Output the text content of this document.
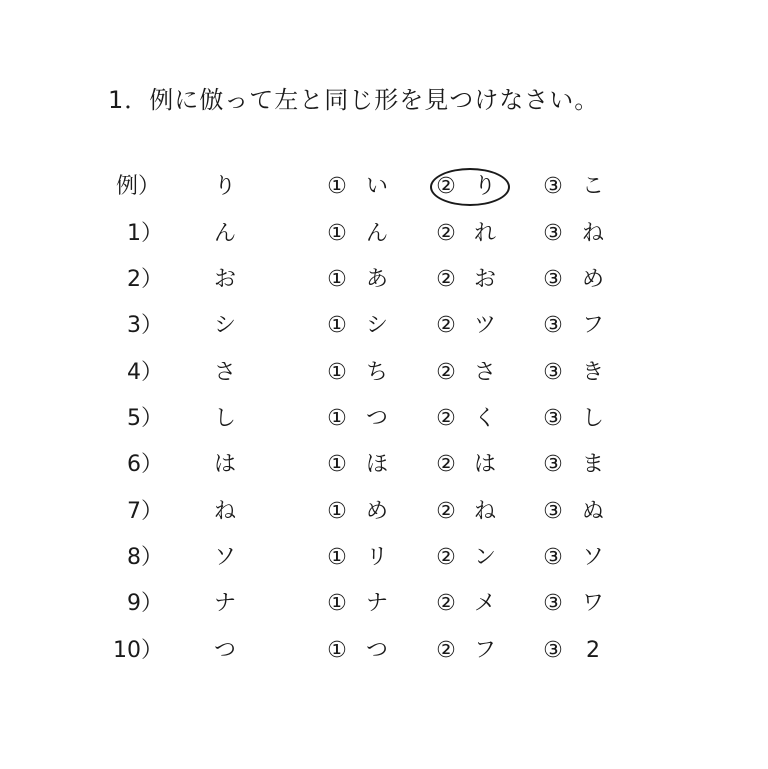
1．例に倣って左と同じ形を見つけなさい。
例） り	① い ② り ③ こ
1） ん	① ん ② れ ③ ね
2） お	① あ ② お ③ め
3） シ	① シ ② ツ ③ フ
4） さ	① ち ② さ ③ き
5） し	① つ ② く ③ し
6） は	① ほ ② は ③ ま
7） ね	① め ② ね ③ ぬ
8） ソ	① リ ② ン ③ ソ
9） ナ	① ナ ② メ ③ ワ
10） つ	① つ ② フ ③	2
